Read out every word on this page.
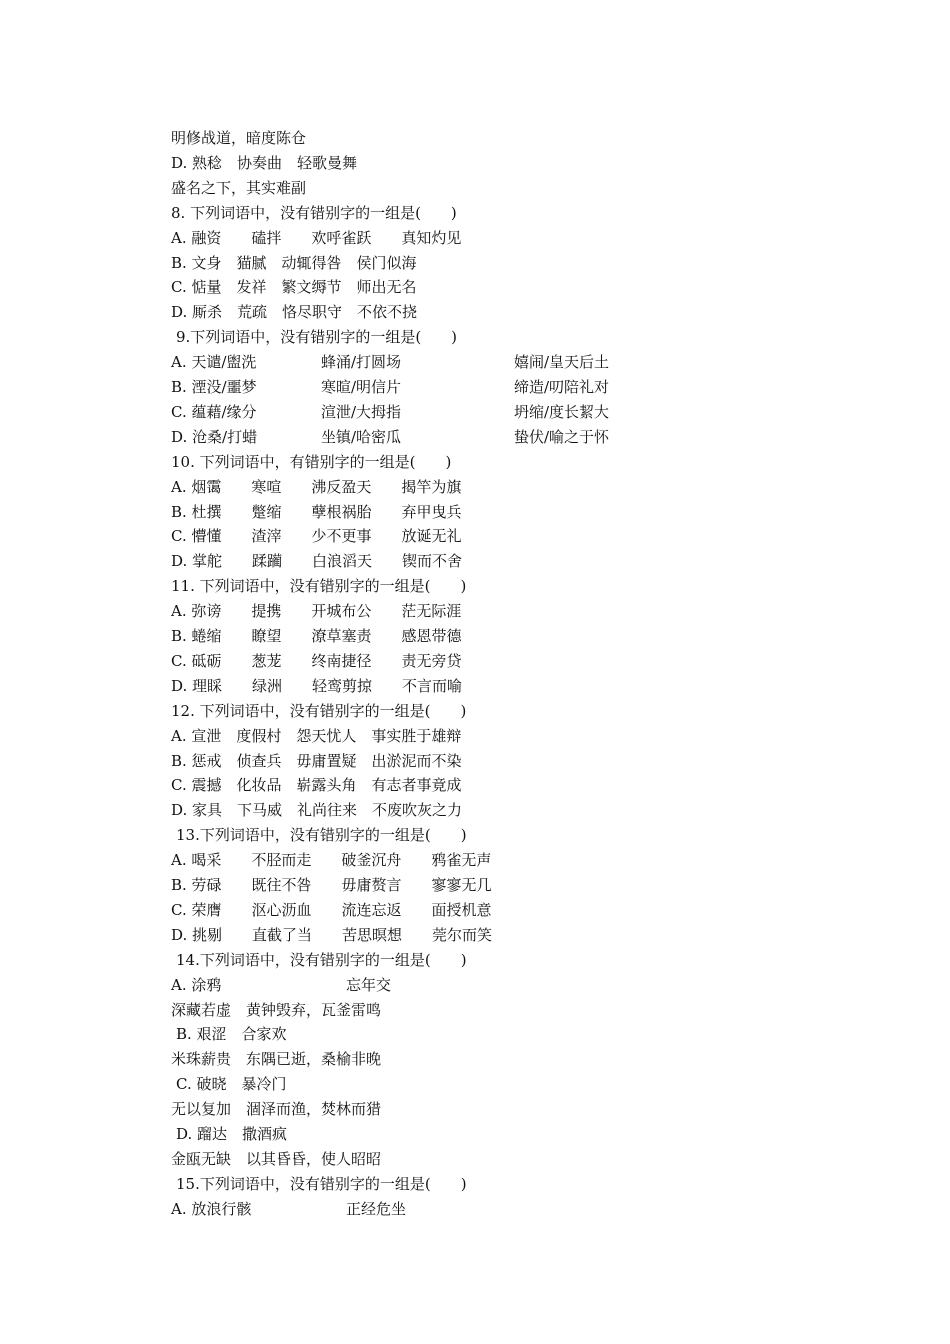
明修战道，暗度陈仓
D. 熟稔　协奏曲　轻歌曼舞
盛名之下，其实难副
8. 下列词语中，没有错别字的一组是(　　)
A. 融资　　磕拌　　欢呼雀跃　　真知灼见
B. 文身　猫腻　动辄得咎　侯门似海
C. 惦量　发祥　繁文缛节　师出无名
D. 厮杀　荒疏　恪尽职守　不依不挠
9.下列词语中，没有错别字的一组是(　　)
A. 天谴/盥洗	蜂涌/打圆场	嬉闹/皇天后土
B. 湮没/噩梦	寒暄/明信片	缔造/叨陪礼对
C. 蕴藉/缘分	渲泄/大拇指	坍缩/度长絜大
D. 沧桑/打蜡	坐镇/哈密瓜	蛰伏/喻之于怀
10. 下列词语中，有错别字的一组是(　　)
A. 烟霭　　寒喧　　沸反盈天　　揭竿为旗
B. 杜撰　　蹩缩　　孽根祸胎　　弃甲曳兵
C. 懵懂　　渣滓　　少不更事　　放诞无礼
D. 掌舵　　蹂躏　　白浪滔天　　锲而不舍
11. 下列词语中，没有错别字的一组是(　　)
A. 弥谤　　提携　　开城布公　　茫无际涯
B. 蜷缩　　瞭望　　潦草塞责　　感恩带德
C. 砥砺　　葱茏　　终南捷径　　责无旁贷
D. 理睬　　绿洲　　轻鸾剪掠　　不言而喻
12. 下列词语中，没有错别字的一组是(　　)
A. 宣泄　度假村　怨天忧人　事实胜于雄辩
B. 惩戒　侦查兵　毋庸置疑　出淤泥而不染
C. 震撼　化妆品　崭露头角　有志者事竟成
D. 家具　下马威　礼尚往来　不废吹灰之力
13.下列词语中，没有错别字的一组是(　　)
A. 喝采　　不胫而走　　破釜沉舟　　鸦雀无声
B. 劳碌　　既往不咎　　毋庸赘言　　寥寥无几
C. 荣膺　　沤心沥血　　流连忘返　　面授机意
D. 挑剔　　直截了当　　苦思暝想　　莞尔而笑
14.下列词语中，没有错别字的一组是(　　)
A. 涂鸦	忘年交
深藏若虚　黄钟毁弃，瓦釜雷鸣
B. 艰涩　合家欢
米珠薪贵　东隅已逝，桑榆非晚
C. 破晓　暴冷门
无以复加　涸泽而渔，焚林而猎
D. 蹓达　撒酒疯
金瓯无缺　以其昏昏，使人昭昭
15.下列词语中，没有错别字的一组是(　　)
A. 放浪行骸	正经危坐
